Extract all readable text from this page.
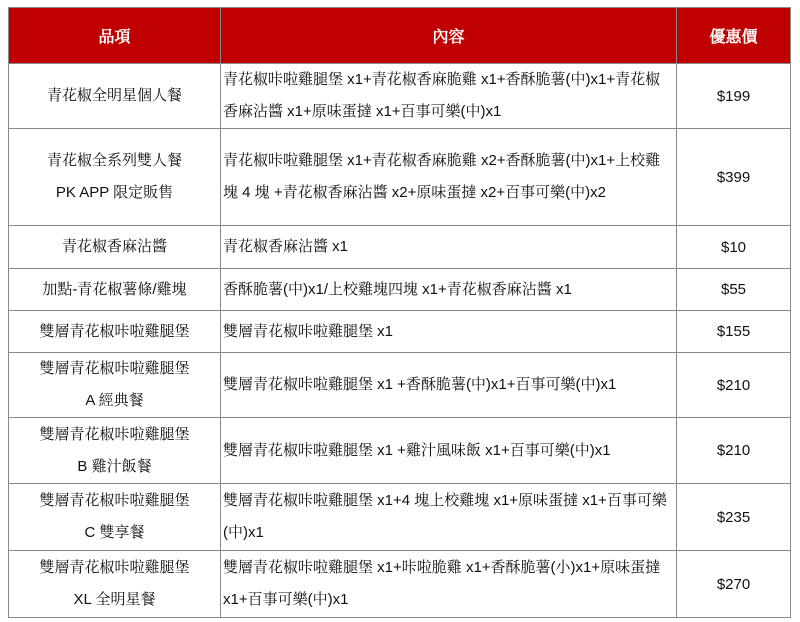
品項	內容	優惠價

青花椒全明星個人餐	青花椒咔啦雞腿堡 x1+青花椒香麻脆雞 x1+香酥脆薯(中)x1+青花椒香麻沾醬 x1+原味蛋撻 x1+百事可樂(中)x1	$199

青花椒全系列雙人餐
PK APP 限定販售	青花椒咔啦雞腿堡 x1+青花椒香麻脆雞 x2+香酥脆薯(中)x1+上校雞塊 4 塊 +青花椒香麻沾醬 x2+原味蛋撻 x2+百事可樂(中)x2	$399

青花椒香麻沾醬	青花椒香麻沾醬 x1	$10

加點-青花椒薯條/雞塊	香酥脆薯(中)x1/上校雞塊四塊 x1+青花椒香麻沾醬 x1	$55

雙層青花椒咔啦雞腿堡	雙層青花椒咔啦雞腿堡 x1	$155

雙層青花椒咔啦雞腿堡
A 經典餐	雙層青花椒咔啦雞腿堡 x1 +香酥脆薯(中)x1+百事可樂(中)x1	$210

雙層青花椒咔啦雞腿堡
B 雞汁飯餐	雙層青花椒咔啦雞腿堡 x1 +雞汁風味飯 x1+百事可樂(中)x1	$210

雙層青花椒咔啦雞腿堡
C 雙享餐	雙層青花椒咔啦雞腿堡 x1+4 塊上校雞塊 x1+原味蛋撻 x1+百事可樂(中)x1	$235

雙層青花椒咔啦雞腿堡
XL 全明星餐	雙層青花椒咔啦雞腿堡 x1+咔啦脆雞 x1+香酥脆薯(小)x1+原味蛋撻 x1+百事可樂(中)x1	$270
